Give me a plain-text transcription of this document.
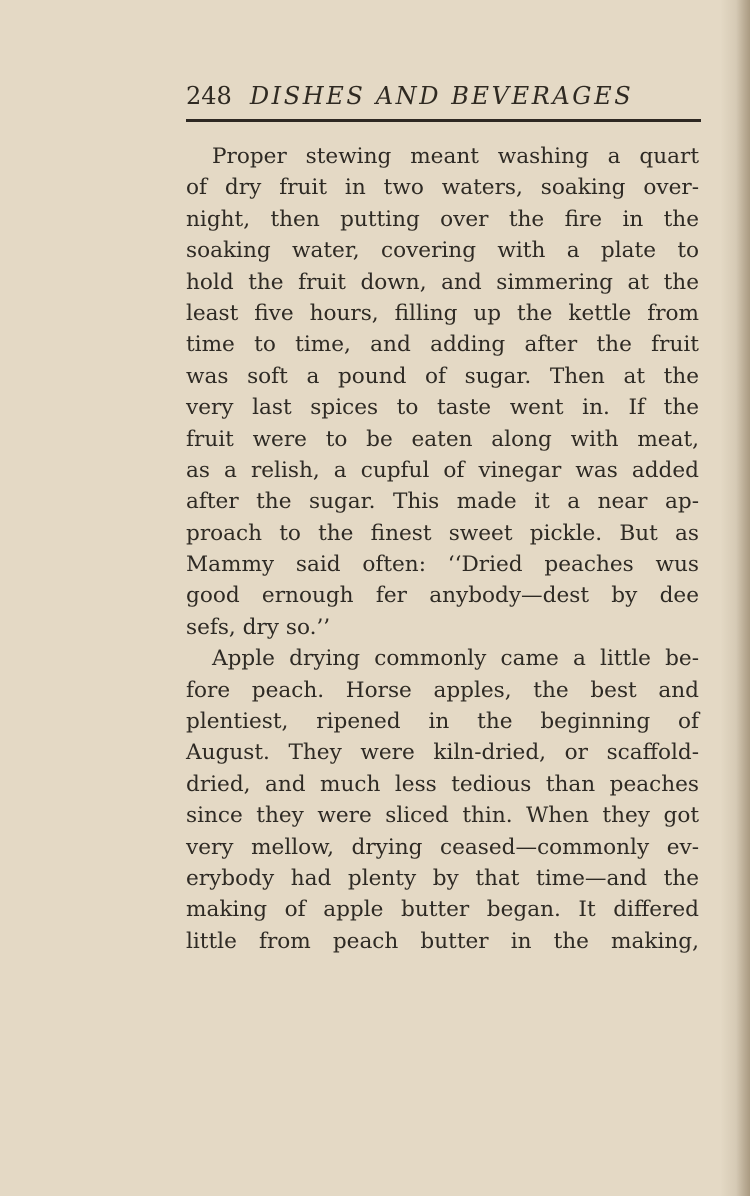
248 DISHES AND BEVERAGES
Proper stewing meant washing a quart
of dry fruit in two waters, soaking over-
night, then putting over the fire in the
soaking water, covering with a plate to
hold the fruit down, and simmering at the
least five hours, filling up the kettle from
time to time, and adding after the fruit
was soft a pound of sugar. Then at the
very last spices to taste went in. If the
fruit were to be eaten along with meat,
as a relish, a cupful of vinegar was added
after the sugar. This made it a near ap-
proach to the finest sweet pickle. But as
Mammy said often: ‘‘Dried peaches wus
good ernough fer anybody—dest by dee
sefs, dry so.’’
Apple drying commonly came a little be-
fore peach. Horse apples, the best and
plentiest, ripened in the beginning of
August. They were kiln-dried, or scaffold-
dried, and much less tedious than peaches
since they were sliced thin. When they got
very mellow, drying ceased—commonly ev-
erybody had plenty by that time—and the
making of apple butter began. It differed
little from peach butter in the making,
